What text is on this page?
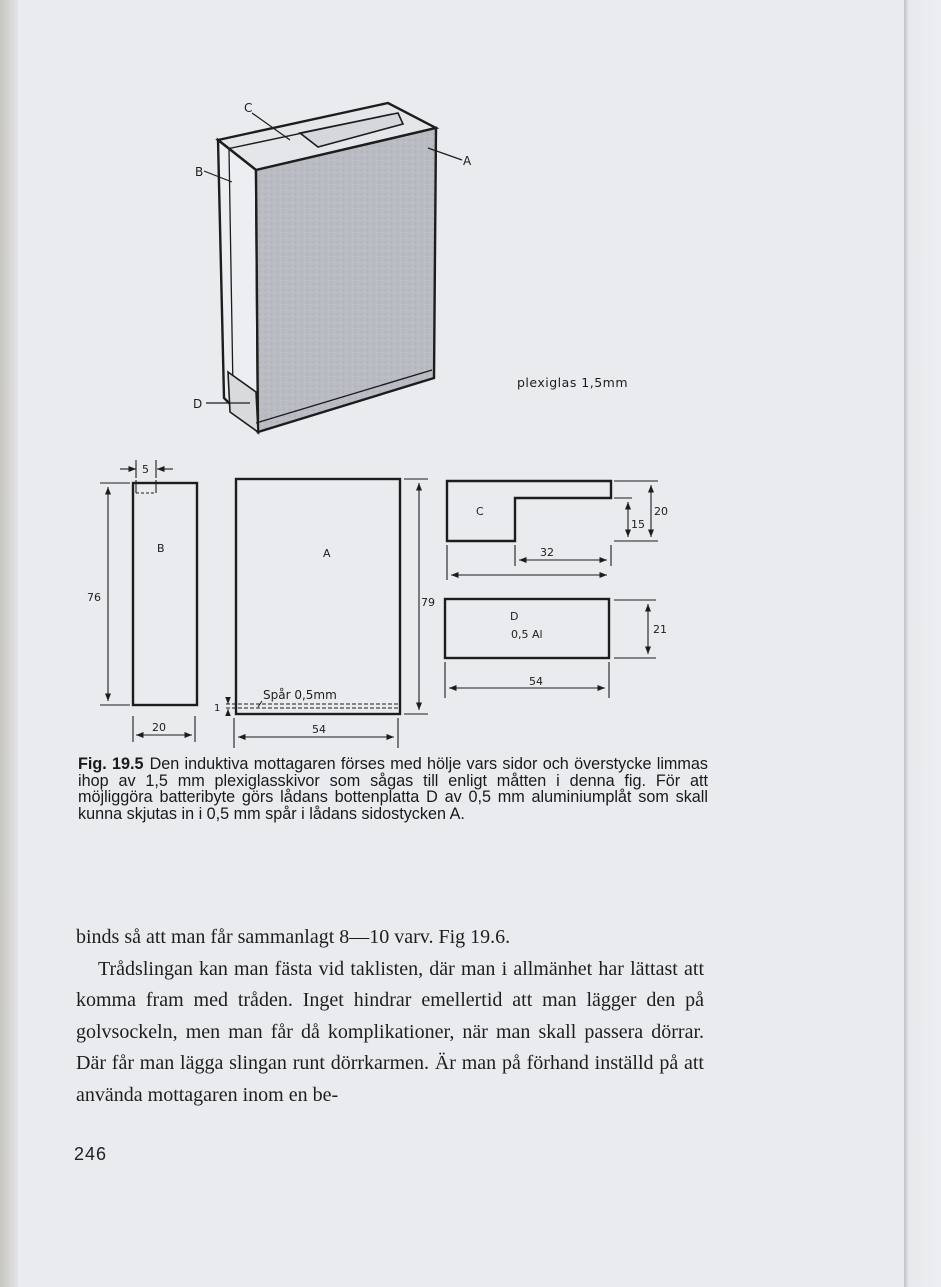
C
B
A
D
plexiglas 1,5mm
B
5
76
20
A
Spår 0,5mm
1
79
54
C
32
15
20
D
0,5 Al	21
54
Fig. 19.5 Den induktiva mottagaren förses med hölje vars sidor och överstycke limmas ihop av 1,5 mm plexiglasskivor som sågas till enligt måtten i denna fig. För att möjliggöra batteribyte görs lådans bottenplatta D av 0,5 mm aluminiumplåt som skall kunna skjutas in i 0,5 mm spår i lådans sidostycken A.

binds så att man får sammanlagt 8—10 varv. Fig 19.6.

Trådslingan kan man fästa vid taklisten, där man i allmänhet har lättast att komma fram med tråden. Inget hindrar emellertid att man lägger den på golvsockeln, men man får då komplikationer, när man skall passera dörrar. Där får man lägga slingan runt dörrkarmen. Är man på förhand inställd på att använda mottagaren inom en be-

246
